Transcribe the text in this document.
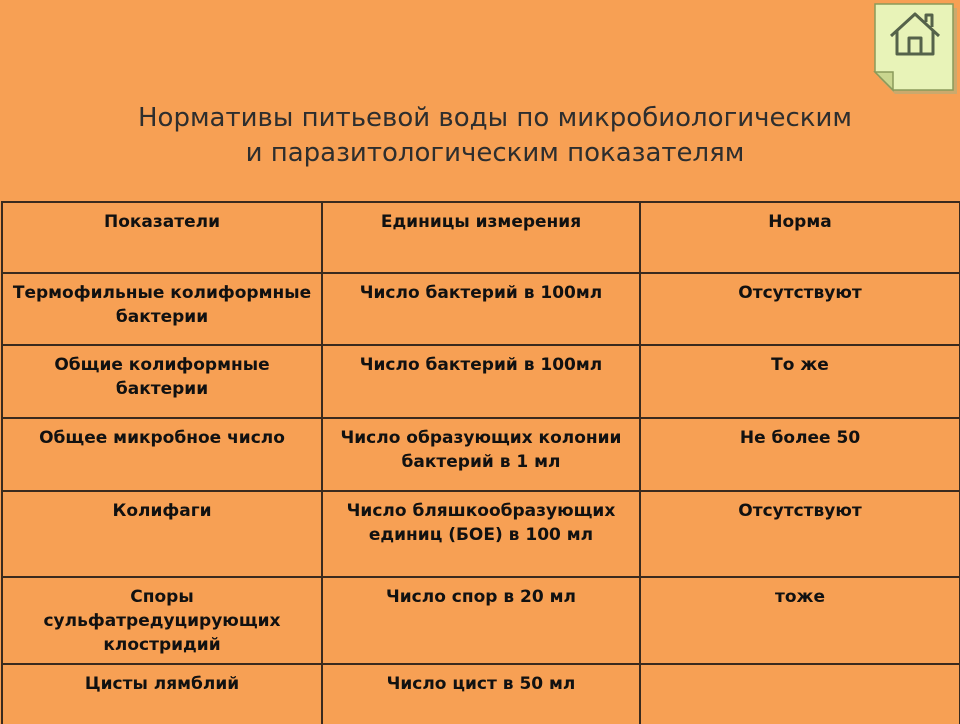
Нормативы питьевой воды по микробиологическим
и паразитологическим показателям
Показатели	Единицы измерения	Норма
Термофильные колиформные бактерии	Число бактерий в 100мл	Отсутствуют
Общие колиформные бактерии	Число бактерий в 100мл	То же
Общее микробное число	Число образующих колонии бактерий в 1 мл	Не более 50
Колифаги	Число бляшкообразующих единиц (БОЕ) в 100 мл	Отсутствуют
Споры сульфатредуцирующих клостридий	Число спор в 20 мл	тоже
Цисты лямблий	Число цист в 50 мл	
